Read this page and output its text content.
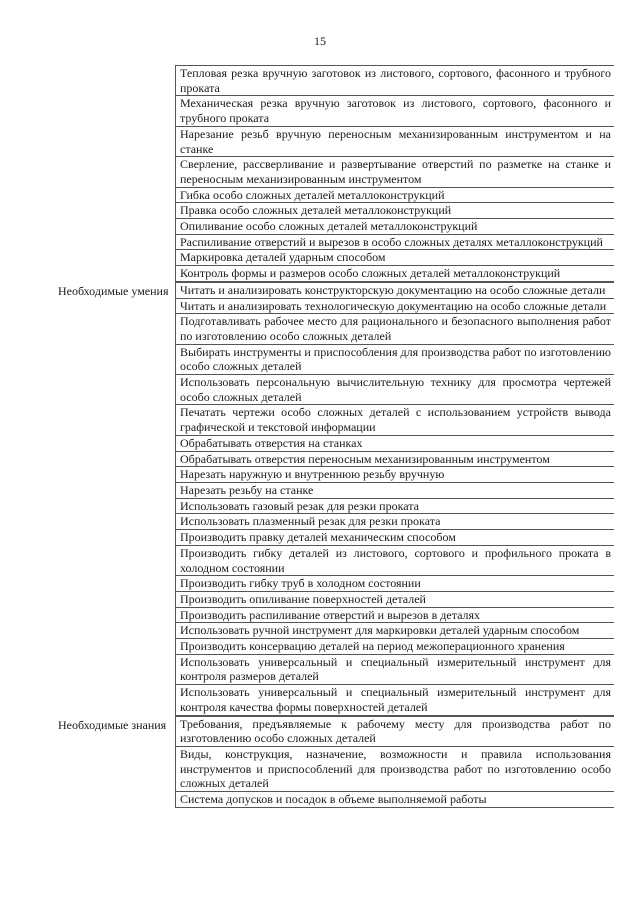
15
Тепловая резка вручную заготовок из листового, сортового, фасонного и трубного проката
Механическая резка вручную заготовок из листового, сортового, фасонного и трубного проката
Нарезание резьб вручную переносным механизированным инструментом и на станке
Сверление, рассверливание и развертывание отверстий по разметке на станке и переносным механизированным инструментом
Гибка особо сложных деталей металлоконструкций
Правка особо сложных деталей металлоконструкций
Опиливание особо сложных деталей металлоконструкций
Распиливание отверстий и вырезов в особо сложных деталях металлоконструкций
Маркировка деталей ударным способом
Контроль формы и размеров особо сложных деталей металлоконструкций
Необходимые умения Читать и анализировать конструкторскую документацию на особо сложные детали
Читать и анализировать технологическую документацию на особо сложные детали
Подготавливать рабочее место для рационального и безопасного выполнения работ по изготовлению особо сложных деталей
Выбирать инструменты и приспособления для производства работ по изготовлению особо сложных деталей
Использовать персональную вычислительную технику для просмотра чертежей особо сложных деталей
Печатать чертежи особо сложных деталей с использованием устройств вывода графической и текстовой информации
Обрабатывать отверстия на станках
Обрабатывать отверстия переносным механизированным инструментом
Нарезать наружную и внутреннюю резьбу вручную
Нарезать резьбу на станке
Использовать газовый резак для резки проката
Использовать плазменный резак для резки проката
Производить правку деталей механическим способом
Производить гибку деталей из листового, сортового и профильного проката в холодном состоянии
Производить гибку труб в холодном состоянии
Производить опиливание поверхностей деталей
Производить распиливание отверстий и вырезов в деталях
Использовать ручной инструмент для маркировки деталей ударным способом
Производить консервацию деталей на период межоперационного хранения
Использовать универсальный и специальный измерительный инструмент для контроля размеров деталей
Использовать универсальный и специальный измерительный инструмент для контроля качества формы поверхностей деталей
Необходимые знания	Требования, предъявляемые к рабочему месту для производства работ по изготовлению особо сложных деталей
Виды, конструкция, назначение, возможности и правила использования инструментов и приспособлений для производства работ по изготовлению особо сложных деталей
Система допусков и посадок в объеме выполняемой работы
